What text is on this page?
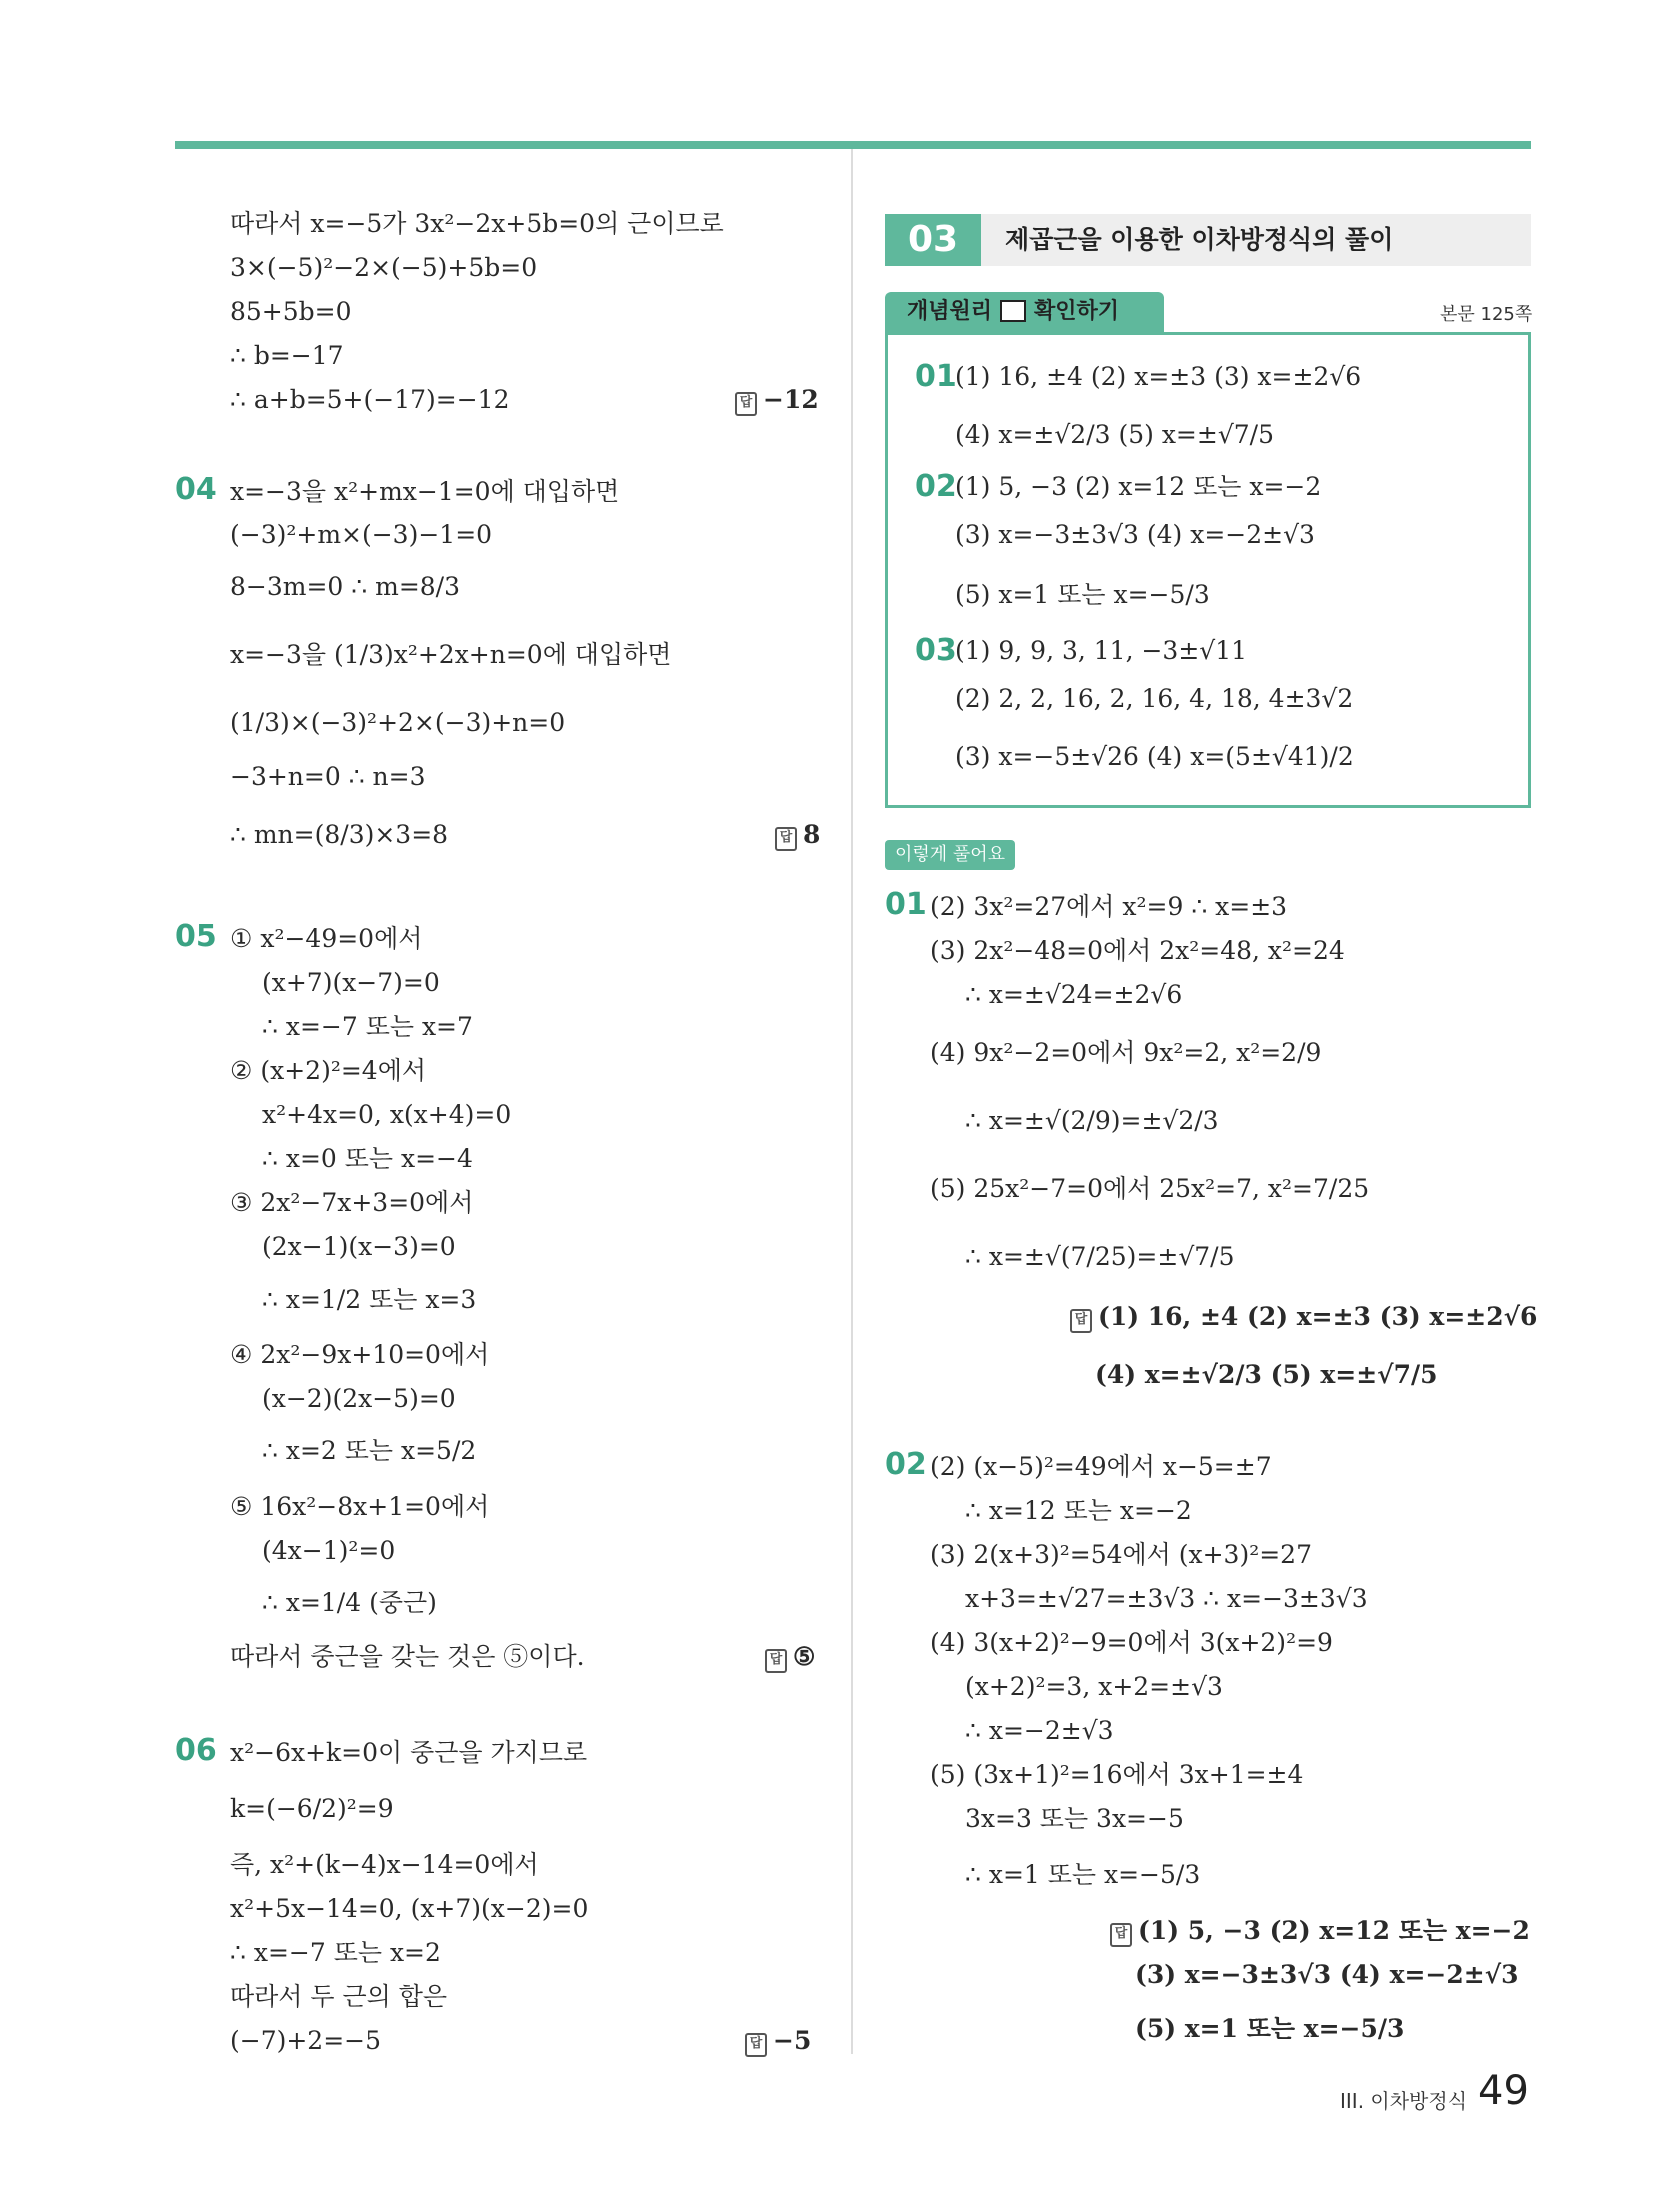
따라서 x=−5가 3x²−2x+5b=0의 근이므로
3×(−5)²−2×(−5)+5b=0
85+5b=0
∴ b=−17
∴ a+b=5+(−17)=−12	답 −12
04 x=−3을 x²+mx−1=0에 대입하면
(−3)²+m×(−3)−1=0
8−3m=0 ∴ m=8/3
x=−3을 (1/3)x²+2x+n=0에 대입하면
(1/3)×(−3)²+2×(−3)+n=0
−3+n=0 ∴ n=3
∴ mn=(8/3)×3=8	답 8
05 ① x²−49=0에서
(x+7)(x−7)=0
∴ x=−7 또는 x=7
② (x+2)²=4에서
x²+4x=0, x(x+4)=0
∴ x=0 또는 x=−4
③ 2x²−7x+3=0에서
(2x−1)(x−3)=0
∴ x=1/2 또는 x=3
④ 2x²−9x+10=0에서
(x−2)(2x−5)=0
∴ x=2 또는 x=5/2
⑤ 16x²−8x+1=0에서
(4x−1)²=0
∴ x=1/4 (중근)
따라서 중근을 갖는 것은 ⑤이다.	답 ⑤
06 x²−6x+k=0이 중근을 가지므로
k=(−6/2)²=9
즉, x²+(k−4)x−14=0에서
x²+5x−14=0, (x+7)(x−2)=0
∴ x=−7 또는 x=2
따라서 두 근의 합은
(−7)+2=−5	답 −5
03	제곱근을 이용한 이차방정식의 풀이
개념원리 확인하기	본문 125쪽
01
(1) 16, ±4 (2) x=±3 (3) x=±2√6
(4) x=±√2/3 (5) x=±√7/5
02
(1) 5, −3 (2) x=12 또는 x=−2
(3) x=−3±3√3 (4) x=−2±√3
(5) x=1 또는 x=−5/3
03
(1) 9, 9, 3, 11, −3±√11
(2) 2, 2, 16, 2, 16, 4, 18, 4±3√2
(3) x=−5±√26 (4) x=(5±√41)/2
이렇게 풀어요
01 (2) 3x²=27에서 x²=9 ∴ x=±3
(3) 2x²−48=0에서 2x²=48, x²=24
∴ x=±√24=±2√6
(4) 9x²−2=0에서 9x²=2, x²=2/9
∴ x=±√(2/9)=±√2/3
(5) 25x²−7=0에서 25x²=7, x²=7/25
∴ x=±√(7/25)=±√7/5
답 (1) 16, ±4 (2) x=±3 (3) x=±2√6
(4) x=±√2/3 (5) x=±√7/5
02 (2) (x−5)²=49에서 x−5=±7
∴ x=12 또는 x=−2
(3) 2(x+3)²=54에서 (x+3)²=27
x+3=±√27=±3√3 ∴ x=−3±3√3
(4) 3(x+2)²−9=0에서 3(x+2)²=9
(x+2)²=3, x+2=±√3
∴ x=−2±√3
(5) (3x+1)²=16에서 3x+1=±4
3x=3 또는 3x=−5
∴ x=1 또는 x=−5/3
답 (1) 5, −3 (2) x=12 또는 x=−2
(3) x=−3±3√3 (4) x=−2±√3
(5) x=1 또는 x=−5/3
III. 이차방정식 49
